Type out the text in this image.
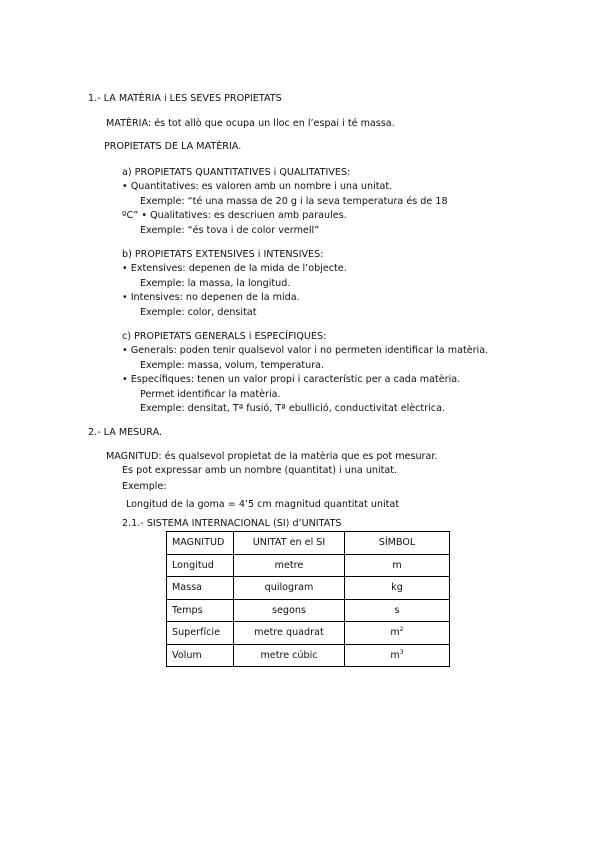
1.- LA MATÈRIA i LES SEVES PROPIETATS
MATÈRIA: és tot allò que ocupa un lloc en l’espai i té massa.
PROPIETATS DE LA MATÈRIA.
a) PROPIETATS QUANTITATIVES i QUALITATIVES:
• Quantitatives: es valoren amb un nombre i una unitat.
Exemple: “té una massa de 20 g i la seva temperatura és de 18
ºC” • Qualitatives: es descriuen amb paraules.
Exemple: “és tova i de color vermell”
b) PROPIETATS EXTENSIVES i INTENSIVES:
• Extensives: depenen de la mida de l’objecte.
Exemple: la massa, la longitud.
• Intensives: no depenen de la mida.
Exemple: color, densitat
c) PROPIETATS GENERALS i ESPECÍFIQUES:
• Generals: poden tenir qualsevol valor i no permeten identificar la matèria.
Exemple: massa, volum, temperatura.
• Específiques: tenen un valor propi i característic per a cada matèria.
Permet identificar la matèria.
Exemple: densitat, Tª fusió, Tª ebullició, conductivitat elèctrica.
2.- LA MESURA.
MAGNITUD: és qualsevol propietat de la matèria que es pot mesurar.
Es pot expressar amb un nombre (quantitat) i una unitat.
Exemple:
Longitud de la goma = 4’5 cm magnitud quantitat unitat
2.1.- SISTEMA INTERNACIONAL (SI) d’UNITATS
MAGNITUD	UNITAT en el SI	SÍMBOL
Longitud	metre	m
Massa	quilogram	kg
Temps	segons	s
Superfície	metre quadrat	$m^2$
Volum	metre cúbic	$m^3$
